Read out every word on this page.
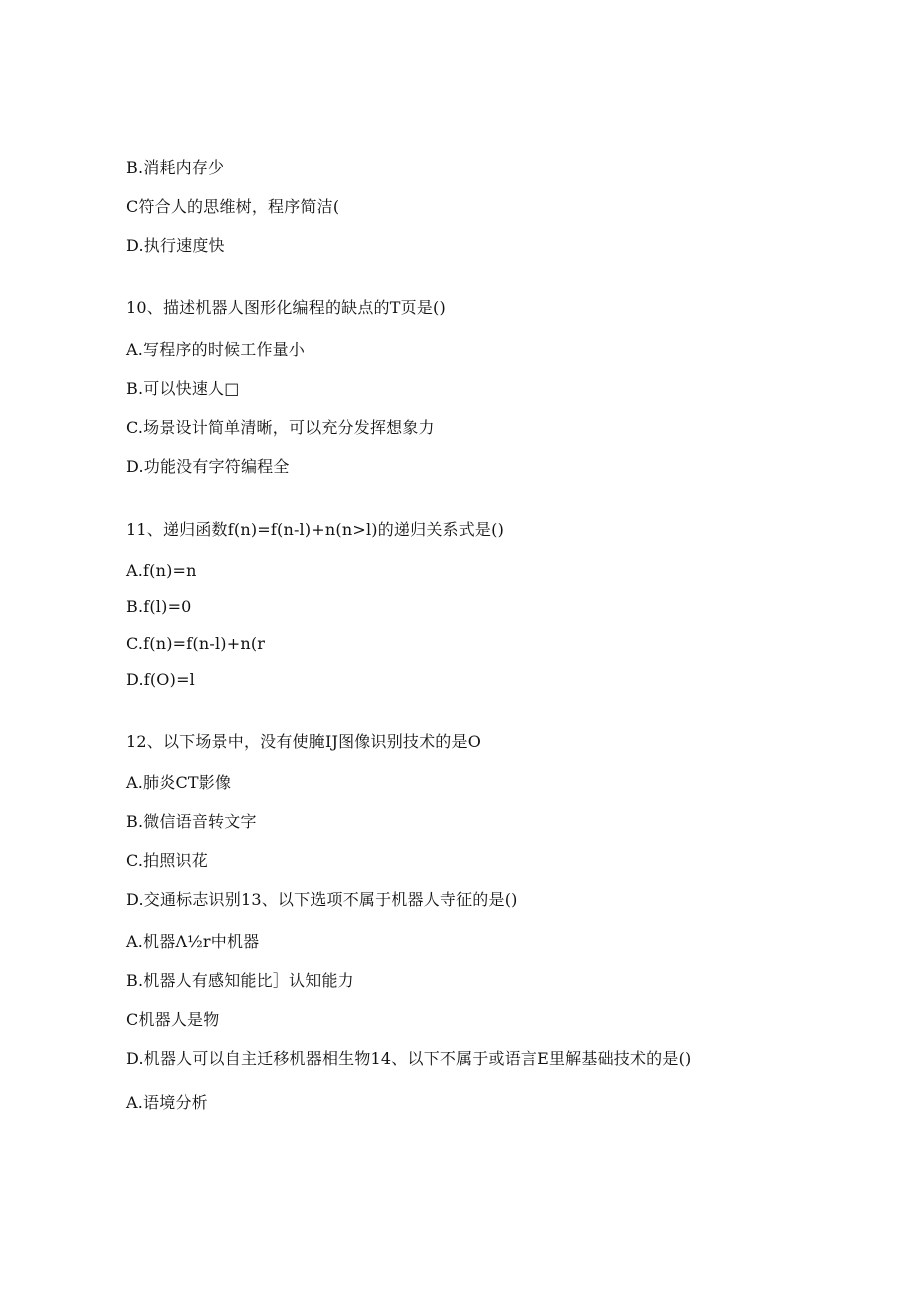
B.消耗内存少
C符合人的思维树，程序简洁(
D.执行速度快
10、描述机器人图形化编程的缺点的T页是()
A.写程序的时候工作量小
B.可以快速人□
C.场景设计简单清晰，可以充分发挥想象力
D.功能没有字符编程全
11、递归函数f(n)=f(n-l)+n(n>l)的递归关系式是()
A.f(n)=n
B.f(l)=0
C.f(n)=f(n-l)+n(r
D.f(O)=l
12、以下场景中，没有使腌IJ图像识别技术的是O
A.肺炎CT影像
B.微信语音转文字
C.拍照识花
D.交通标志识别13、以下选项不属于机器人寺征的是()
A.机器Λ½r中机器
B.机器人有感知能比］认知能力
C机器人是物
D.机器人可以自主迁移机器相生物14、以下不属于或语言E里解基础技术的是()
A.语境分析
